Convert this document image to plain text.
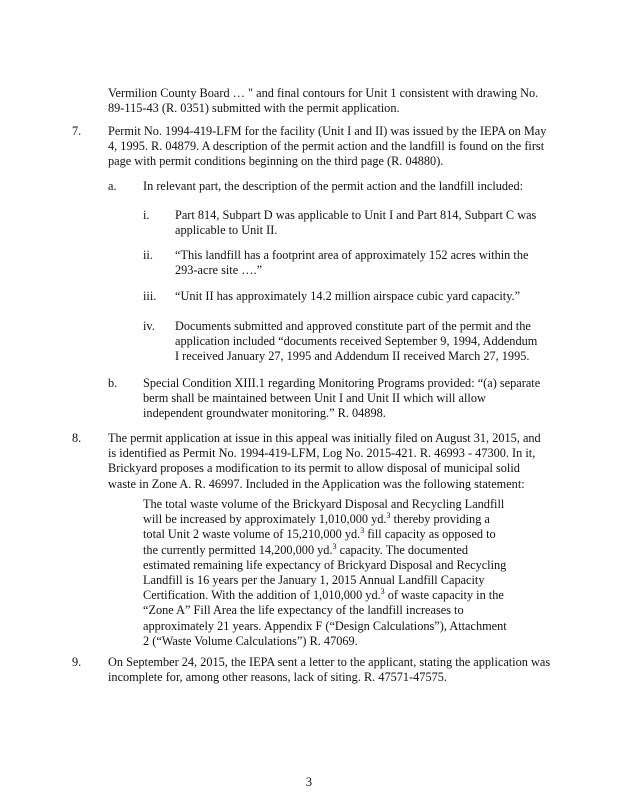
Vermilion County Board … " and final contours for Unit 1 consistent with drawing No.
89-115-43 (R. 0351) submitted with the permit application.
7. Permit No. 1994-419-LFM for the facility (Unit I and II) was issued by the IEPA on May
4, 1995. R. 04879. A description of the permit action and the landfill is found on the first
page with permit conditions beginning on the third page (R. 04880).
a. In relevant part, the description of the permit action and the landfill included:
i. Part 814, Subpart D was applicable to Unit I and Part 814, Subpart C was
applicable to Unit II.
ii. “This landfill has a footprint area of approximately 152 acres within the
293-acre site ….”
iii. “Unit II has approximately 14.2 million airspace cubic yard capacity.”
iv. Documents submitted and approved constitute part of the permit and the
application included “documents received September 9, 1994, Addendum
I received January 27, 1995 and Addendum II received March 27, 1995.
b. Special Condition XIII.1 regarding Monitoring Programs provided: “(a) separate
berm shall be maintained between Unit I and Unit II which will allow
independent groundwater monitoring.” R. 04898.
8. The permit application at issue in this appeal was initially filed on August 31, 2015, and
is identified as Permit No. 1994-419-LFM, Log No. 2015-421. R. 46993 - 47300. In it,
Brickyard proposes a modification to its permit to allow disposal of municipal solid
waste in Zone A. R. 46997. Included in the Application was the following statement:
The total waste volume of the Brickyard Disposal and Recycling Landfill
will be increased by approximately 1,010,000 yd.$^3$ thereby providing a
total Unit 2 waste volume of 15,210,000 yd.$^3$ fill capacity as opposed to
the currently permitted 14,200,000 yd.$^3$ capacity. The documented
estimated remaining life expectancy of Brickyard Disposal and Recycling
Landfill is 16 years per the January 1, 2015 Annual Landfill Capacity
Certification. With the addition of 1,010,000 yd.$^3$ of waste capacity in the
“Zone A” Fill Area the life expectancy of the landfill increases to
approximately 21 years. Appendix F (“Design Calculations”), Attachment
2 (“Waste Volume Calculations”) R. 47069.
9. On September 24, 2015, the IEPA sent a letter to the applicant, stating the application was
incomplete for, among other reasons, lack of siting. R. 47571-47575.
3
